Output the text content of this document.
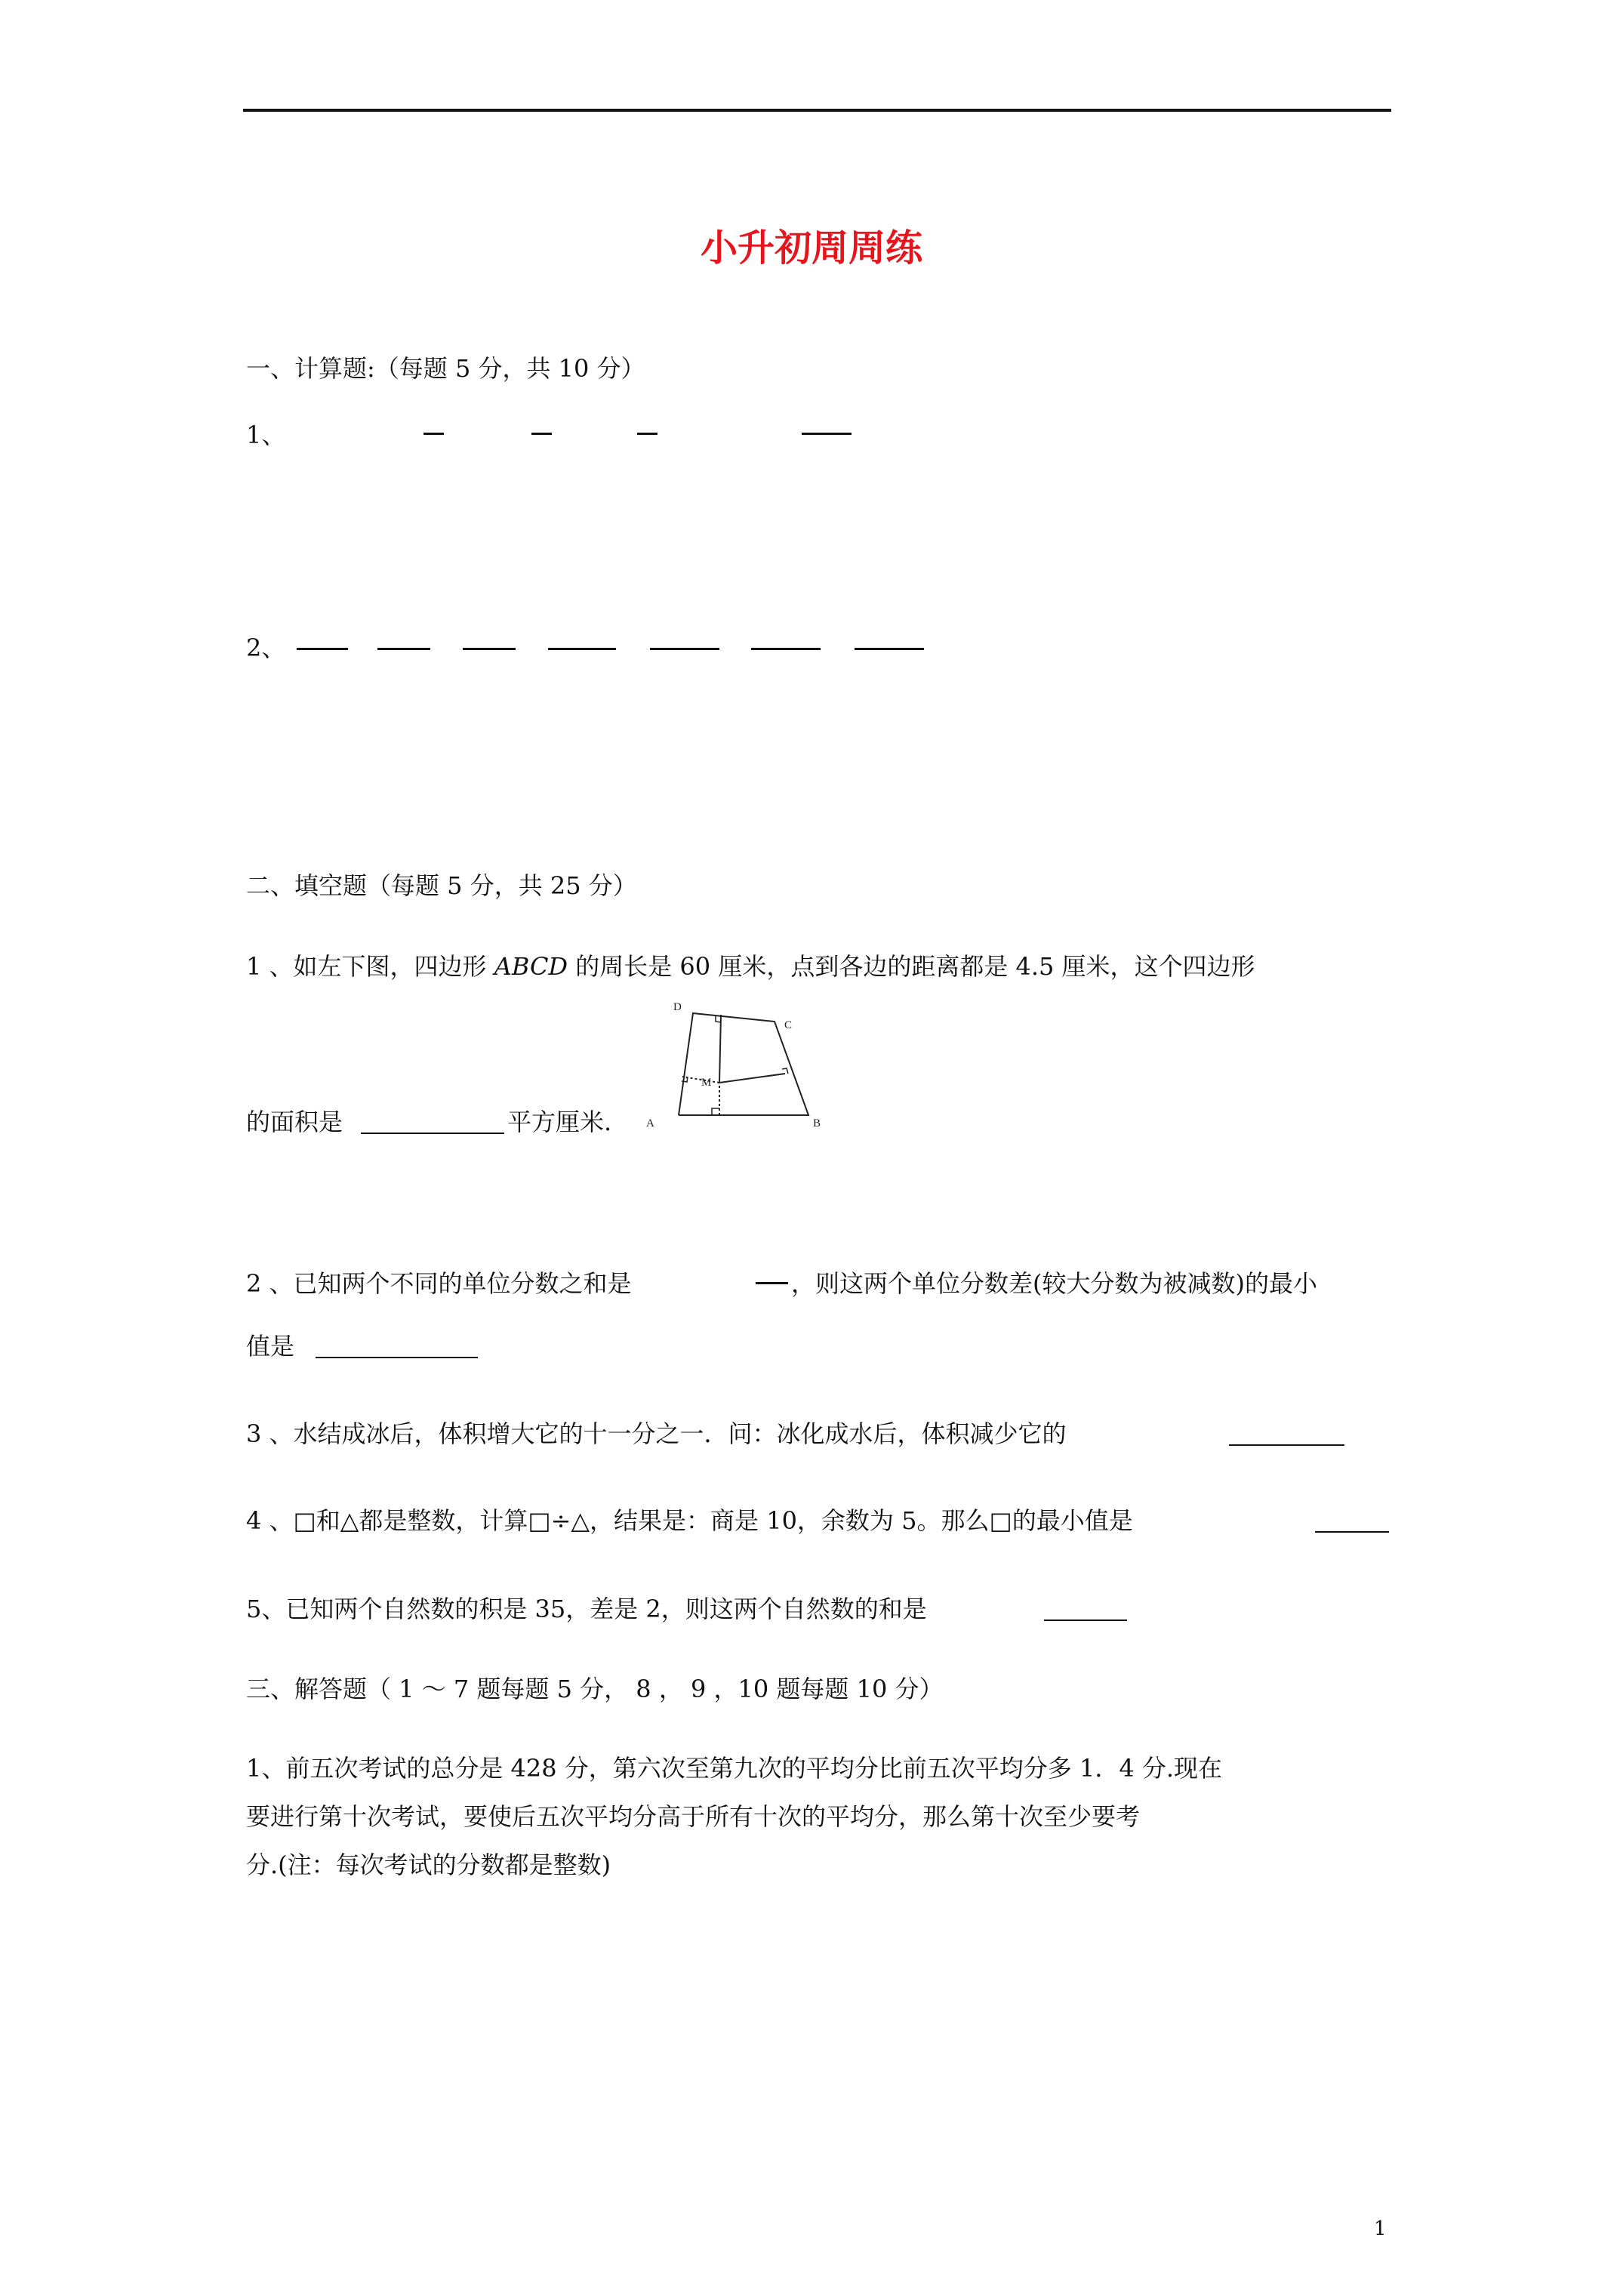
小升初周周练
一、计算题:（每题 5 分，共 10 分）
1、
2、
二、填空题（每题 5 分，共 25 分）
1 、如左下图，四边形 ABCD 的周长是 60 厘米，点到各边的距离都是 4.5 厘米，这个四边形
的面积是	平方厘米.
D
C
M
A	B
2 、已知两个不同的单位分数之和是	，则这两个单位分数差(较大分数为被减数)的最小
值是
3 、水结成冰后，体积增大它的十一分之一．问：冰化成水后，体积减少它的
4 、□和△都是整数，计算□÷△，结果是：商是 10，余数为 5。那么□的最小值是
5、已知两个自然数的积是 35，差是 2，则这两个自然数的和是
三、解答题（ 1 ～ 7 题每题 5 分， 8 ， 9 ，10 题每题 10 分）
1、前五次考试的总分是 428 分，第六次至第九次的平均分比前五次平均分多 1．4 分.现在
要进行第十次考试，要使后五次平均分高于所有十次的平均分，那么第十次至少要考
分.(注：每次考试的分数都是整数)
1
